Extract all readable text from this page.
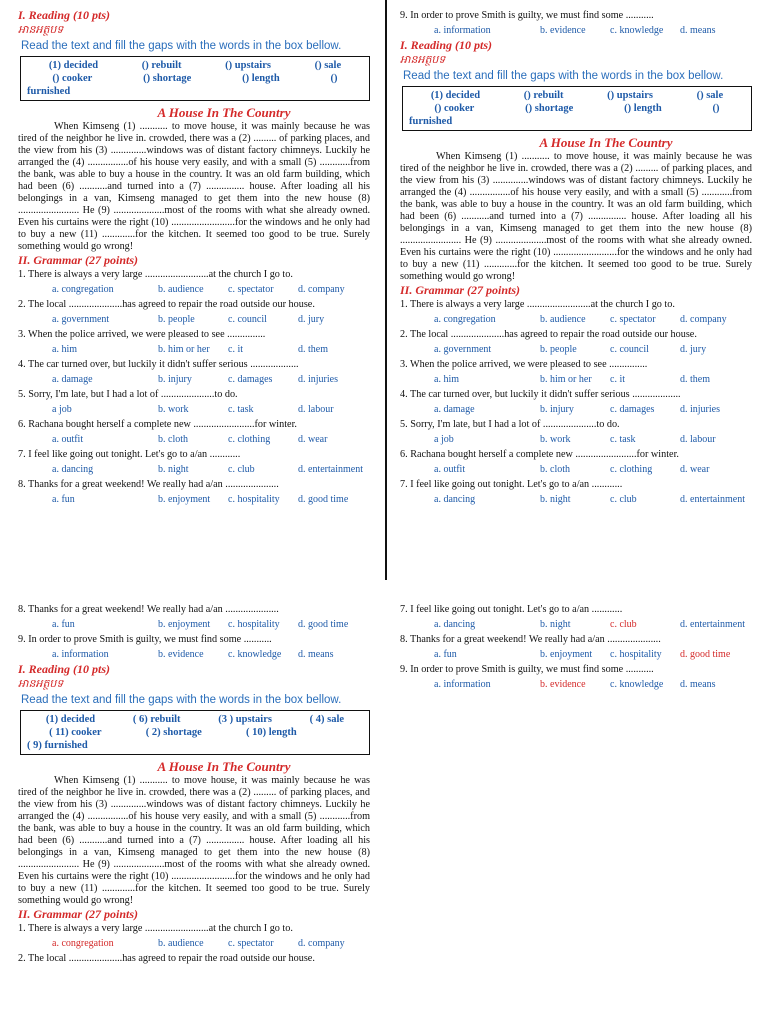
I. Reading (10 pts)
អានអត្ថបទ
Read the text and fill the gaps with the words in the box bellow.
(1) decided	() rebuilt	() upstairs	() sale
() cooker	() shortage	() length	()
furnished
A House In The Country
When Kimseng (1) ........... to move house, it was mainly because he was tired of the neighbor he live in. crowded, there was a (2) ......... of parking places, and the view from his (3) ..............windows was of distant factory chimneys. Luckily he arranged the (4) ................of his house very easily, and with a small (5) ............from the bank, was able to buy a house in the country. It was an old farm building, which had been (6) ...........and turned into a (7) ............... house. After loading all his belongings in a van, Kimseng managed to get them into the new house (8) ........................ He (9) ....................most of the rooms with what she already owned. Even his curtains were the right (10) .........................for the windows and he only had to buy a new (11) .............for the kitchen. It seemed too good to be true. Surely something would go wrong!
II. Grammar (27 points)
1. There is always a very large .........................at the church I go to.
a. congregation	b. audience	c. spectator	d. company
2. The local .....................has agreed to repair the road outside our house.
a. government	b. people	c. council	d. jury
3. When the police arrived, we were pleased to see ...............
a. him	b. him or her	c. it	d. them
4. The car turned over, but luckily it didn't suffer serious ...................
a. damage	b. injury	c. damages	d. injuries
5. Sorry, I'm late, but I had a lot of .....................to do.
a job	b. work	c. task	d. labour
6. Rachana bought herself a complete new ........................for winter.
a. outfit	b. cloth	c. clothing	d. wear
7. I feel like going out tonight. Let's go to a/an ............
a. dancing	b. night	c. club	d. entertainment
8. Thanks for a great weekend! We really had a/an .....................
a. fun	b. enjoyment	c. hospitality	d. good time
9. In order to prove Smith is guilty, we must find some ...........
a. information	b. evidence	c. knowledge	d. means
I. Reading (10 pts)
អានអត្ថបទ
Read the text and fill the gaps with the words in the box bellow.
(1) decided	() rebuilt	() upstairs	() sale
() cooker	() shortage	() length	()
furnished
A House In The Country
When Kimseng (1) ........... to move house, it was mainly because he was tired of the neighbor he live in. crowded, there was a (2) ......... of parking places, and the view from his (3) ..............windows was of distant factory chimneys. Luckily he arranged the (4) ................of his house very easily, and with a small (5) ............from the bank, was able to buy a house in the country. It was an old farm building, which had been (6) ...........and turned into a (7) ............... house. After loading all his belongings in a van, Kimseng managed to get them into the new house (8) ........................ He (9) ....................most of the rooms with what she already owned. Even his curtains were the right (10) .........................for the windows and he only had to buy a new (11) .............for the kitchen. It seemed too good to be true. Surely something would go wrong!
II. Grammar (27 points)
1. There is always a very large .........................at the church I go to.
a. congregation	b. audience	c. spectator	d. company
2. The local .....................has agreed to repair the road outside our house.
a. government	b. people	c. council	d. jury
3. When the police arrived, we were pleased to see ...............
a. him	b. him or her	c. it	d. them
4. The car turned over, but luckily it didn't suffer serious ...................
a. damage	b. injury	c. damages	d. injuries
5. Sorry, I'm late, but I had a lot of .....................to do.
a job	b. work	c. task	d. labour
6. Rachana bought herself a complete new ........................for winter.
a. outfit	b. cloth	c. clothing	d. wear
7. I feel like going out tonight. Let's go to a/an ............
a. dancing	b. night	c. club	d. entertainment
8. Thanks for a great weekend! We really had a/an .....................
a. fun	b. enjoyment	c. hospitality	d. good time
9. In order to prove Smith is guilty, we must find some ...........
a. information	b. evidence	c. knowledge	d. means
I. Reading (10 pts)
អានអត្ថបទ
Read the text and fill the gaps with the words in the box bellow.
(1) decided	( 6) rebuilt	(3 ) upstairs	( 4) sale
( 11) cooker	( 2) shortage	( 10) length
( 9) furnished
A House In The Country
When Kimseng (1) ........... to move house, it was mainly because he was tired of the neighbor he live in. crowded, there was a (2) ......... of parking places, and the view from his (3) ..............windows was of distant factory chimneys. Luckily he arranged the (4) ................of his house very easily, and with a small (5) ............from the bank, was able to buy a house in the country. It was an old farm building, which had been (6) ...........and turned into a (7) ............... house. After loading all his belongings in a van, Kimseng managed to get them into the new house (8) ........................ He (9) ....................most of the rooms with what she already owned. Even his curtains were the right (10) .........................for the windows and he only had to buy a new (11) .............for the kitchen. It seemed too good to be true. Surely something would go wrong!
II. Grammar (27 points)
1. There is always a very large .........................at the church I go to.
a. congregation	b. audience	c. spectator	d. company
2. The local .....................has agreed to repair the road outside our house.
7. I feel like going out tonight. Let's go to a/an ............
a. dancing	b. night	c. club	d. entertainment
8. Thanks for a great weekend! We really had a/an .....................
a. fun	b. enjoyment	c. hospitality	d. good time
9. In order to prove Smith is guilty, we must find some ...........
a. information	b. evidence	c. knowledge	d. means
